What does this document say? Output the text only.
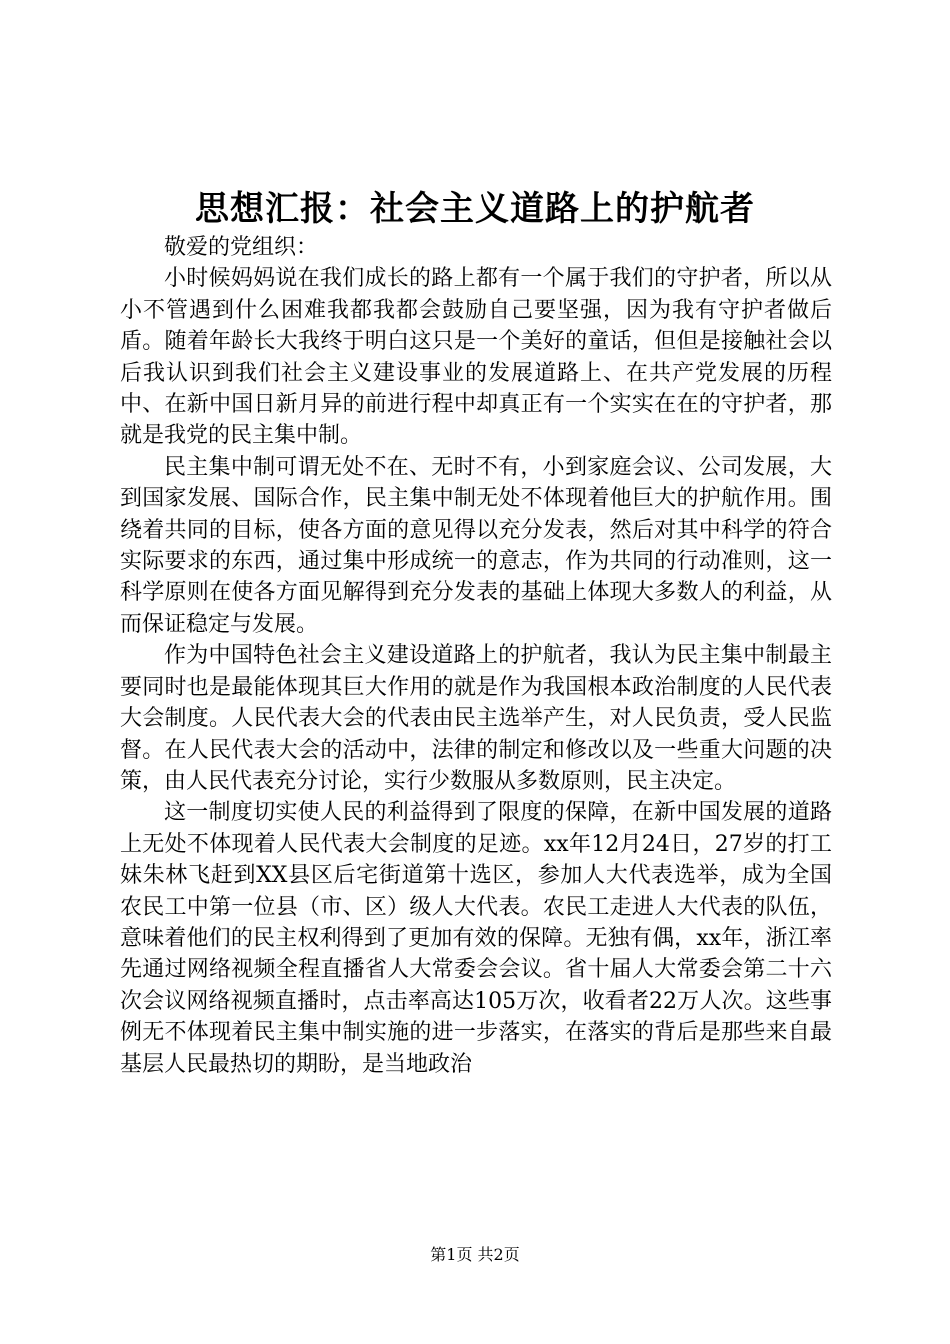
思想汇报：社会主义道路上的护航者

敬爱的党组织：

小时候妈妈说在我们成长的路上都有一个属于我们的守护者，所以从小不管遇到什么困难我都我都会鼓励自己要坚强，因为我有守护者做后盾。随着年龄长大我终于明白这只是一个美好的童话，但但是接触社会以后我认识到我们社会主义建设事业的发展道路上、在共产党发展的历程中、在新中国日新月异的前进行程中却真正有一个实实在在的守护者，那就是我党的民主集中制。

民主集中制可谓无处不在、无时不有，小到家庭会议、公司发展，大到国家发展、国际合作，民主集中制无处不体现着他巨大的护航作用。围绕着共同的目标，使各方面的意见得以充分发表，然后对其中科学的符合实际要求的东西，通过集中形成统一的意志，作为共同的行动准则，这一科学原则在使各方面见解得到充分发表的基础上体现大多数人的利益，从而保证稳定与发展。

作为中国特色社会主义建设道路上的护航者，我认为民主集中制最主要同时也是最能体现其巨大作用的就是作为我国根本政治制度的人民代表大会制度。人民代表大会的代表由民主选举产生，对人民负责，受人民监督。在人民代表大会的活动中，法律的制定和修改以及一些重大问题的决策，由人民代表充分讨论，实行少数服从多数原则，民主决定。

这一制度切实使人民的利益得到了限度的保障，在新中国发展的道路上无处不体现着人民代表大会制度的足迹。xx年12月24日，27岁的打工妹朱林飞赶到XX县区后宅街道第十选区，参加人大代表选举，成为全国农民工中第一位县（市、区）级人大代表。农民工走进人大代表的队伍，意味着他们的民主权利得到了更加有效的保障。无独有偶，xx年，浙江率先通过网络视频全程直播省人大常委会会议。省十届人大常委会第二十六次会议网络视频直播时，点击率高达105万次，收看者22万人次。这些事例无不体现着民主集中制实施的进一步落实，在落实的背后是那些来自最基层人民最热切的期盼，是当地政治

第1页 共2页
